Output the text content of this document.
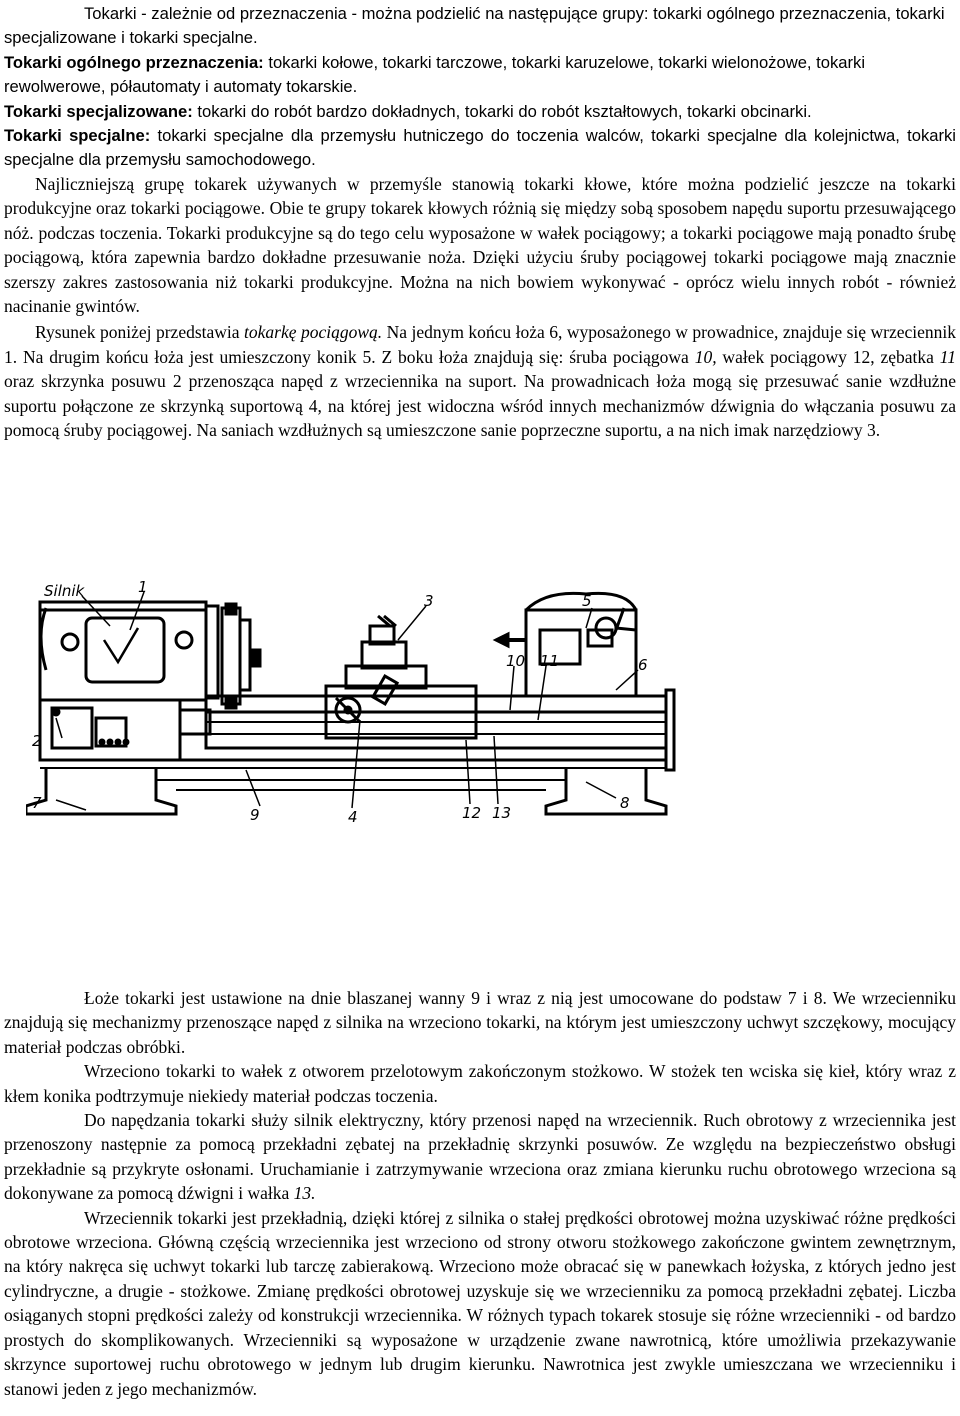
Tokarki - zależnie od przeznaczenia - można podzielić na następujące grupy: tokarki ogólnego przeznaczenia, tokarki specjalizowane i tokarki specjalne.

Tokarki ogólnego przeznaczenia: tokarki kołowe, tokarki tarczowe, tokarki karuzelowe, tokarki wielonożowe, tokarki rewolwerowe, półautomaty i automaty tokarskie.

Tokarki specjalizowane: tokarki do robót bardzo dokładnych, tokarki do robót kształtowych, tokarki obcinarki.

Tokarki specjalne: tokarki specjalne dla przemysłu hutniczego do toczenia walców, tokarki specjalne dla kolejnictwa, tokarki specjalne dla przemysłu samochodowego.

Najliczniejszą grupę tokarek używanych w przemyśle stanowią tokarki kłowe, które można podzielić jeszcze na tokarki produkcyjne oraz tokarki pociągowe. Obie te grupy tokarek kłowych różnią się między sobą sposobem napędu suportu przesuwającego nóż. podczas toczenia. Tokarki produkcyjne są do tego celu wyposażone w wałek pociągowy; a tokarki pociągowe mają ponadto śrubę pociągową, która zapewnia bardzo dokładne przesuwanie noża. Dzięki użyciu śruby pociągowej tokarki pociągowe mają znacznie szerszy zakres zastosowania niż tokarki produkcyjne. Można na nich bowiem wykonywać - oprócz wielu innych robót - również nacinanie gwintów.

Rysunek poniżej przedstawia tokarkę pociągową. Na jednym końcu łoża 6, wyposażonego w prowadnice, znajduje się wrzeciennik 1. Na drugim końcu łoża jest umieszczony konik 5. Z boku łoża znajdują się: śruba pociągowa 10, wałek pociągowy 12, zębatka 11 oraz skrzynka posuwu 2 przenosząca napęd z wrzeciennika na suport. Na prowadnicach łoża mogą się przesuwać sanie wzdłużne suportu połączone ze skrzynką suportową 4, na której jest widoczna wśród innych mechanizmów dźwignia do włączania posuwu za pomocą śruby pociągowej. Na saniach wzdłużnych są umieszczone sanie poprzeczne suportu, a na nich imak narzędziowy 3.

Silnik	1
2
3
4
5
6
7	8
9
10 11
12 13

Łoże tokarki jest ustawione na dnie blaszanej wanny 9 i wraz z nią jest umocowane do podstaw 7 i 8. We wrzecienniku znajdują się mechanizmy przenoszące napęd z silnika na wrzeciono tokarki, na którym jest umieszczony uchwyt szczękowy, mocujący materiał podczas obróbki.

Wrzeciono tokarki to wałek z otworem przelotowym zakończonym stożkowo. W stożek ten wciska się kieł, który wraz z kłem konika podtrzymuje niekiedy materiał podczas toczenia.

Do napędzania tokarki służy silnik elektryczny, który przenosi napęd na wrzeciennik. Ruch obrotowy z wrzeciennika jest przenoszony następnie za pomocą przekładni zębatej na przekładnię skrzynki posuwów. Ze względu na bezpieczeństwo obsługi przekładnie są przykryte osłonami. Uruchamianie i zatrzymywanie wrzeciona oraz zmiana kierunku ruchu obrotowego wrzeciona są dokonywane za pomocą dźwigni i wałka 13.

Wrzeciennik tokarki jest przekładnią, dzięki której z silnika o stałej prędkości obrotowej można uzyskiwać różne prędkości obrotowe wrzeciona. Główną częścią wrzeciennika jest wrzeciono od strony otworu stożkowego zakończone gwintem zewnętrznym, na który nakręca się uchwyt tokarki lub tarczę zabierakową. Wrzeciono może obracać się w panewkach łożyska, z których jedno jest cylindryczne, a drugie - stożkowe. Zmianę prędkości obrotowej uzyskuje się we wrzecienniku za pomocą przekładni zębatej. Liczba osiąganych stopni prędkości zależy od konstrukcji wrzeciennika. W różnych typach tokarek stosuje się różne wrzecienniki - od bardzo prostych do skomplikowanych. Wrzecienniki są wyposażone w urządzenie zwane nawrotnicą, które umożliwia przekazywanie skrzynce suportowej ruchu obrotowego w jednym lub drugim kierunku. Nawrotnica jest zwykle umieszczana we wrzecienniku i stanowi jeden z jego mechanizmów.
